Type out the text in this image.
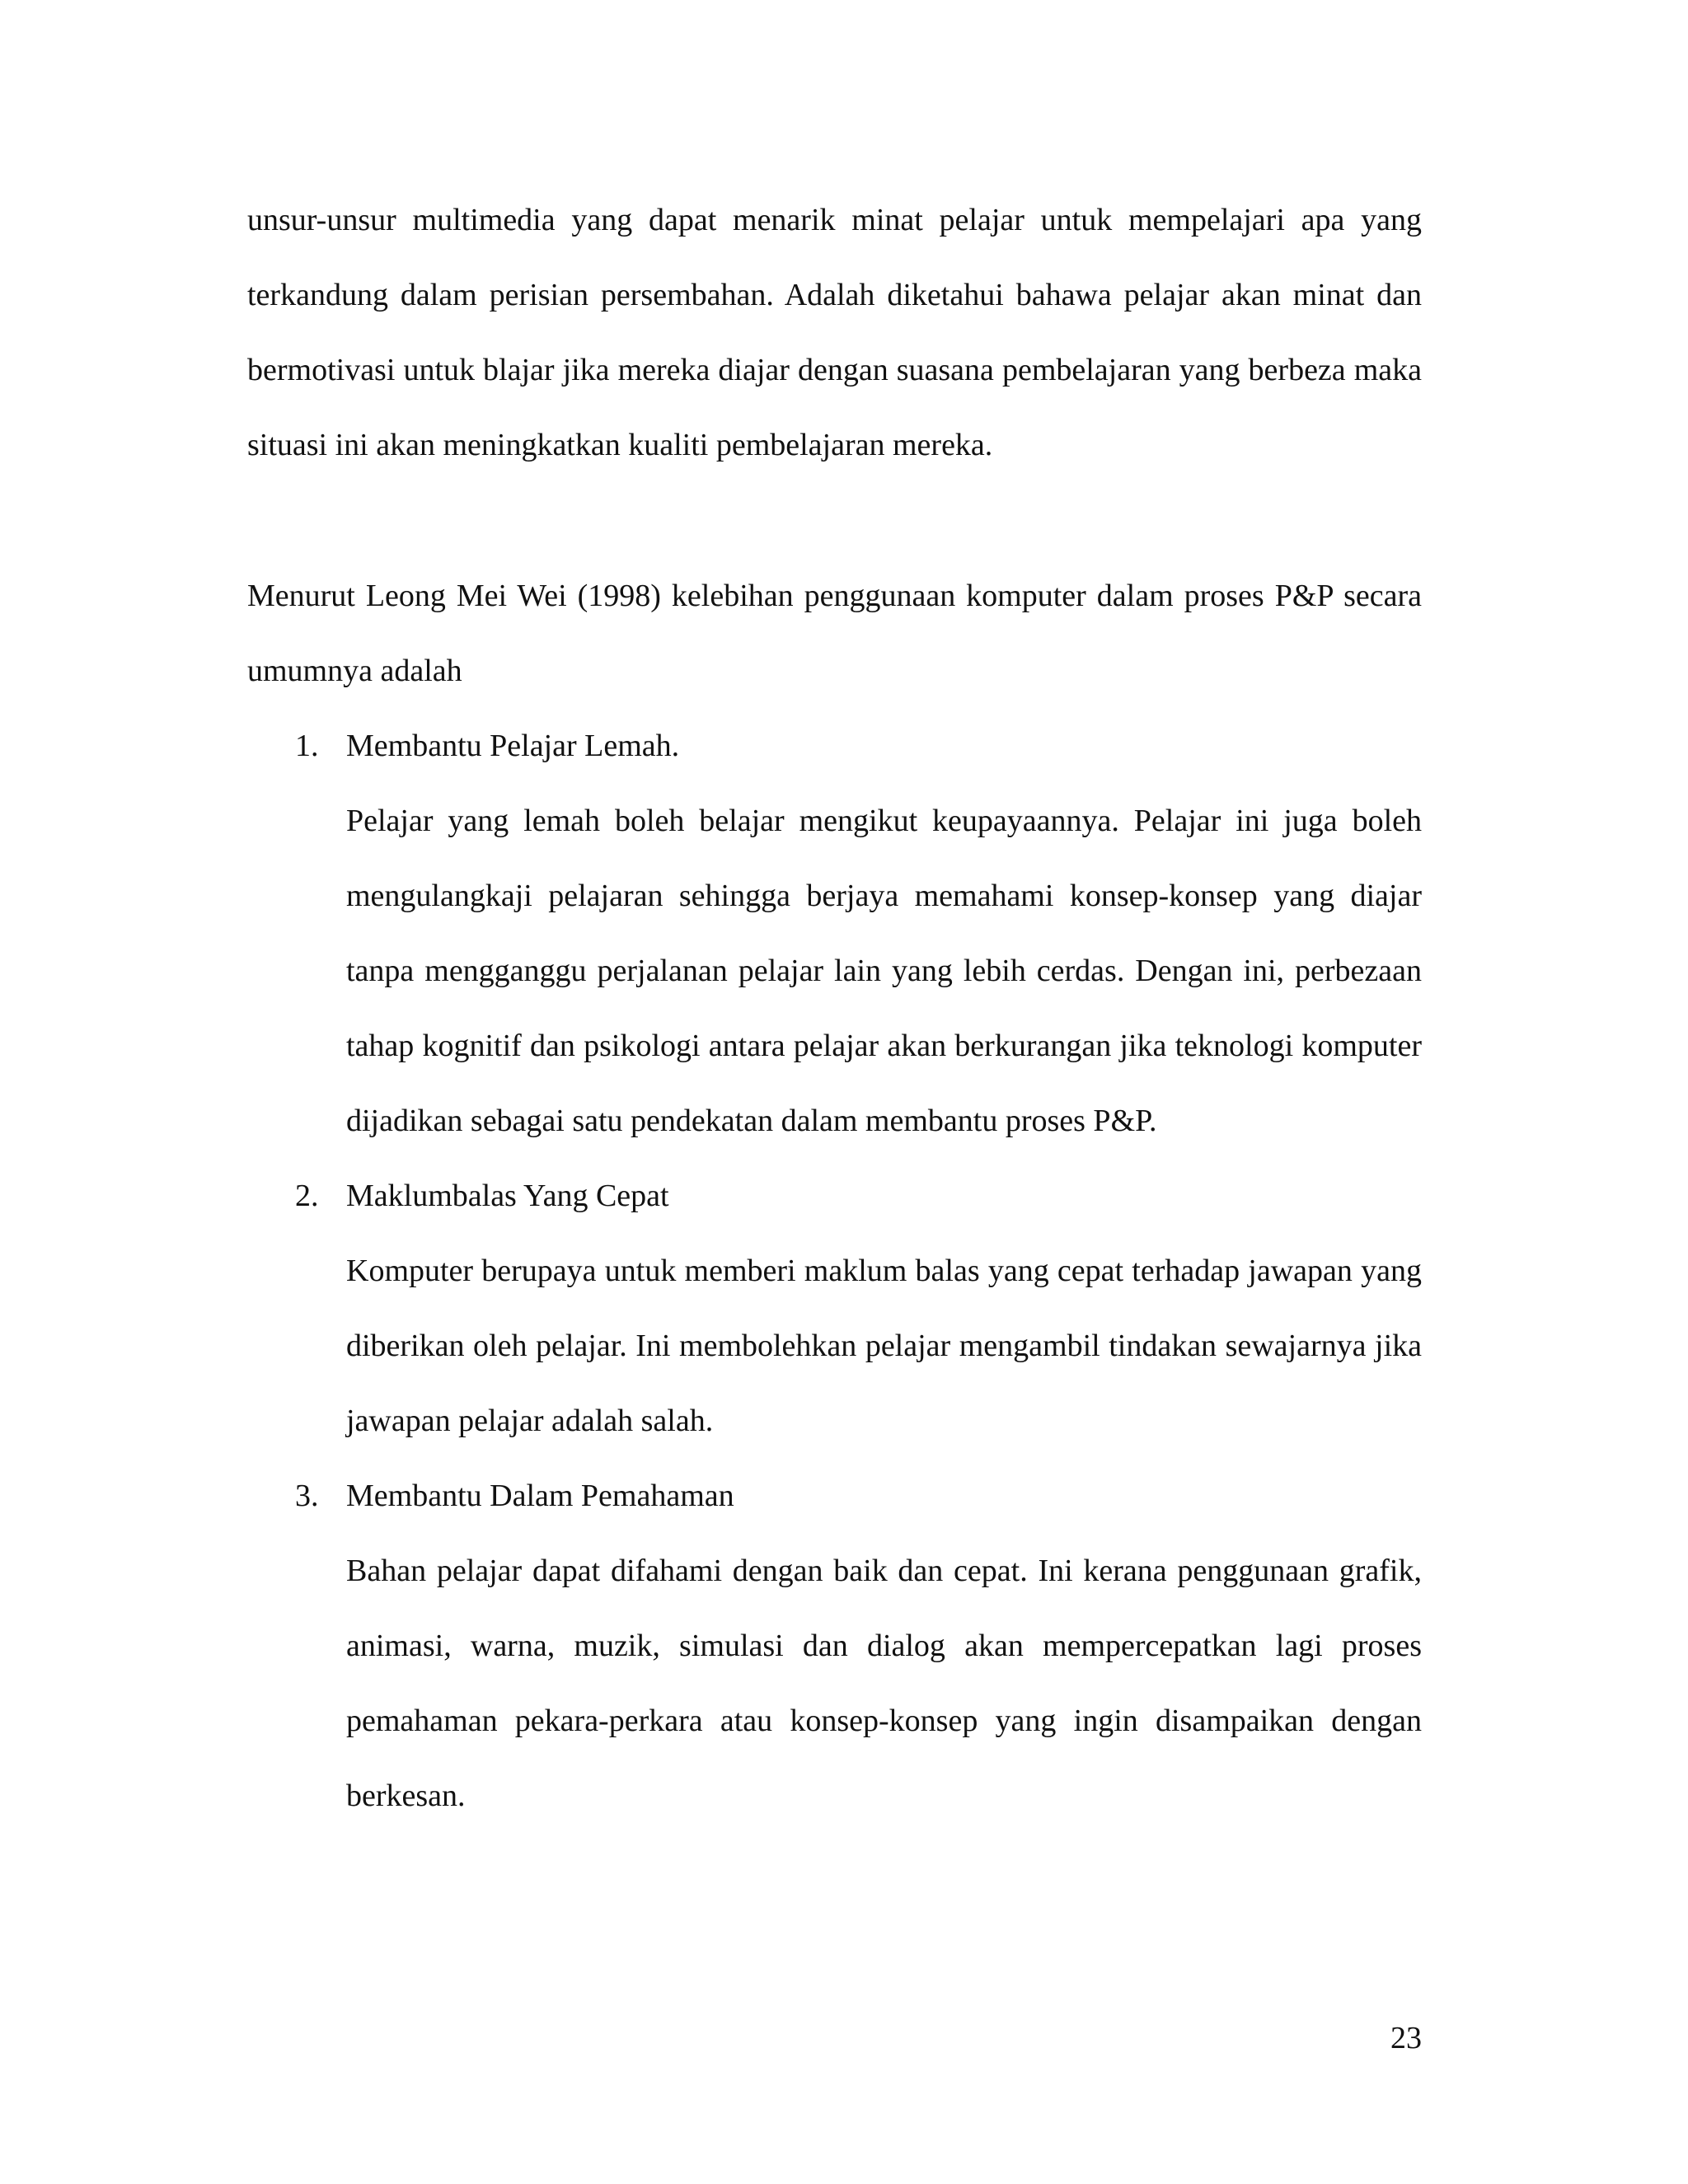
unsur-unsur multimedia yang dapat menarik minat pelajar untuk mempelajari apa yang terkandung dalam perisian persembahan. Adalah diketahui bahawa pelajar akan minat dan bermotivasi untuk blajar jika mereka diajar dengan suasana pembelajaran yang berbeza maka situasi ini akan meningkatkan kualiti pembelajaran mereka.

Menurut Leong Mei Wei (1998) kelebihan penggunaan komputer dalam proses P&P secara umumnya adalah

1. Membantu Pelajar Lemah.

Pelajar yang lemah boleh belajar mengikut keupayaannya. Pelajar ini juga boleh mengulangkaji pelajaran sehingga berjaya memahami konsep-konsep yang diajar tanpa mengganggu perjalanan pelajar lain yang lebih cerdas. Dengan ini, perbezaan tahap kognitif dan psikologi antara pelajar akan berkurangan jika teknologi komputer dijadikan sebagai satu pendekatan dalam membantu proses P&P.

2. Maklumbalas Yang Cepat

Komputer berupaya untuk memberi maklum balas yang cepat terhadap jawapan yang diberikan oleh pelajar. Ini membolehkan pelajar mengambil tindakan sewajarnya jika jawapan pelajar adalah salah.

3. Membantu Dalam Pemahaman

Bahan pelajar dapat difahami dengan baik dan cepat. Ini kerana penggunaan grafik, animasi, warna, muzik, simulasi dan dialog akan mempercepatkan lagi proses pemahaman pekara-perkara atau konsep-konsep yang ingin disampaikan dengan berkesan.

23
